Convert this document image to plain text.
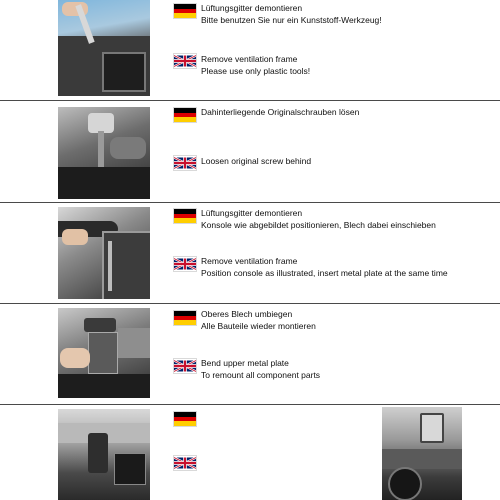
Lüftungsgitter demontieren
Bitte benutzen Sie nur ein Kunststoff-Werkzeug!
Remove ventilation frame
Please use only plastic tools!
Dahinterliegende Originalschrauben lösen
Loosen original screw behind
Lüftungsgitter demontieren
Konsole wie abgebildet positionieren, Blech dabei einschieben
Remove ventilation frame
Position console as illustrated, insert metal plate at the same time
Oberes Blech umbiegen
Alle Bauteile wieder montieren
Bend upper metal plate
To remount all component parts
